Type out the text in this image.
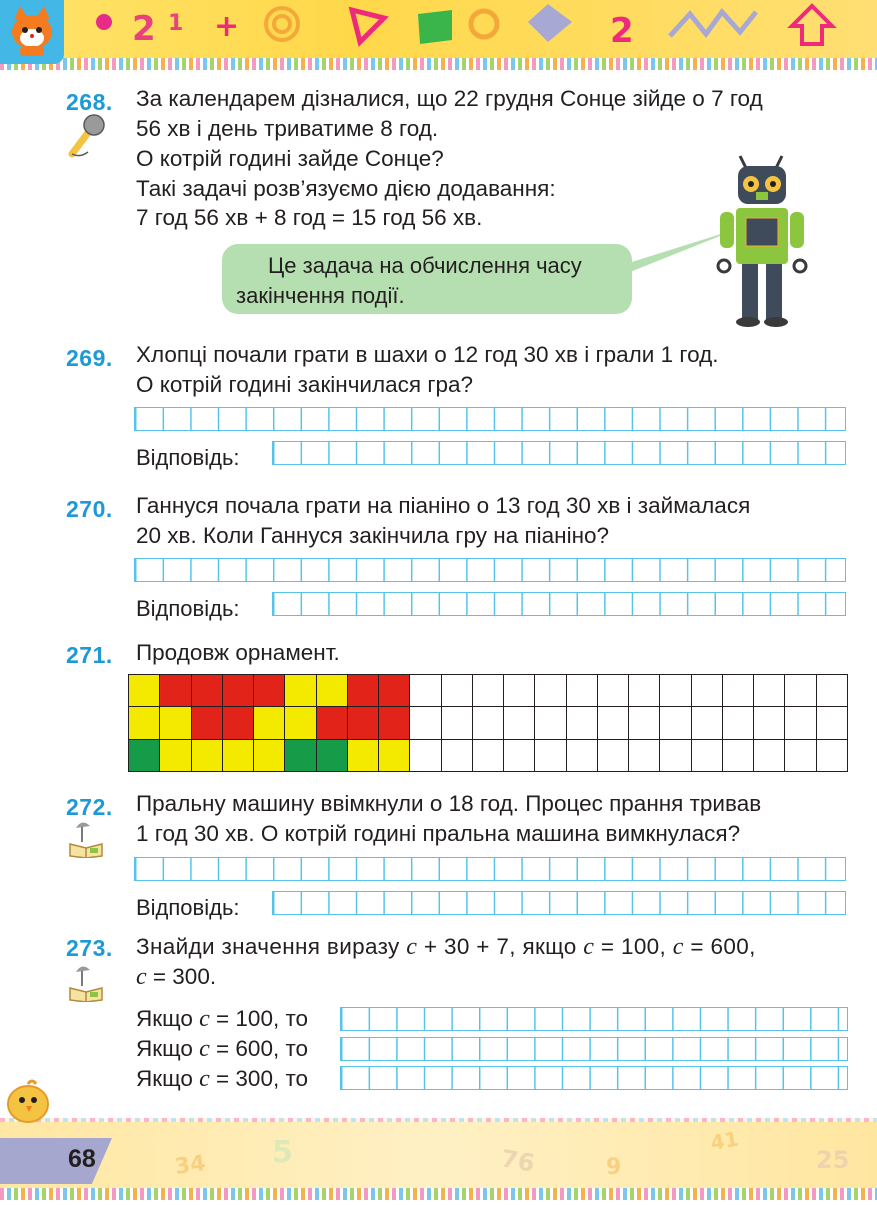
2 1 +	2
268. За календарем дізналися, що 22 грудня Сонце зійде о 7 год
56 хв і день триватиме 8 год.
О котрій годині зайде Сонце?
Такі задачі розв’язуємо дією додавання:
7 год 56 хв + 8 год = 15 год 56 хв.
Це задача на обчислення часу
закінчення події.
269. Хлопці почали грати в шахи о 12 год 30 хв і грали 1 год.
О котрій годині закінчилася гра?
Відповідь:
270. Ганнуся почала грати на піаніно о 13 год 30 хв і займалася
20 хв. Коли Ганнуся закінчила гру на піаніно?
Відповідь:
271. Продовж орнамент.

272. Пральну машину ввімкнули о 18 год. Процес прання тривав
1 год 30 хв. О котрій годині пральна машина вимкнулася?
Відповідь:
273. Знайди значення виразу c + 30 + 7, якщо c = 100, c = 600,
c = 300.
Якщо c = 100, то
Якщо c = 600, то
Якщо c = 300, то
34 5	76	9
41
25
68
